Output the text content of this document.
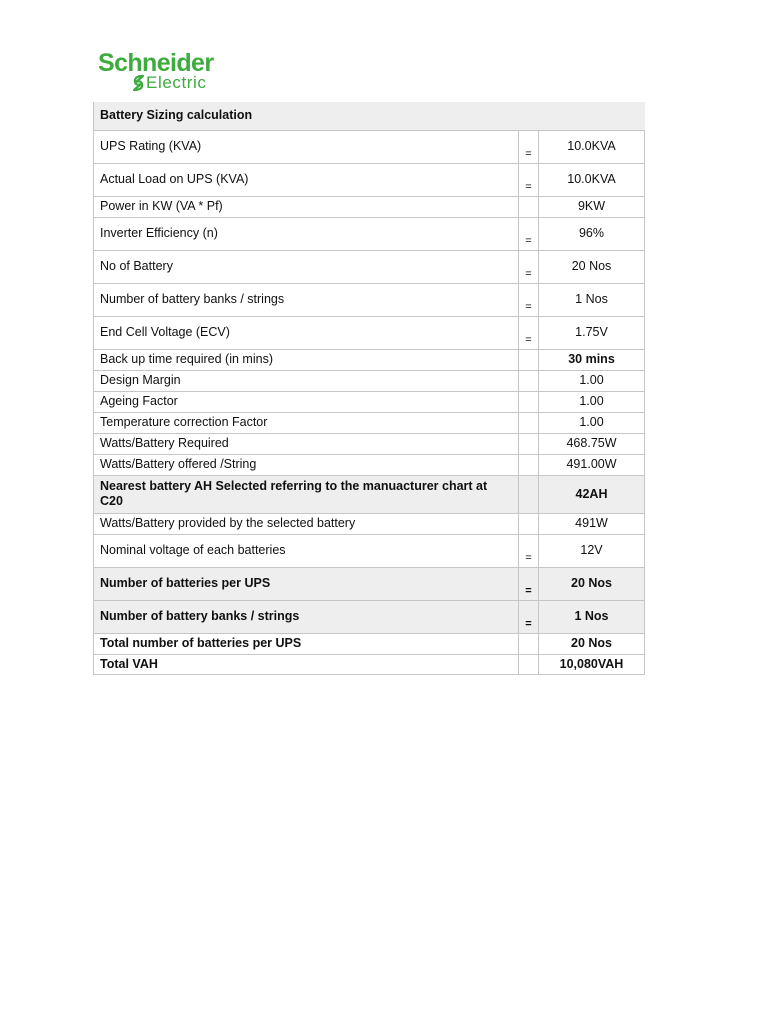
Schneider
Electric
Battery Sizing calculation		
UPS Rating (KVA)	=	10.0KVA
Actual Load on UPS (KVA)	=	10.0KVA
Power in KW (VA * Pf)		9KW
Inverter Efficiency (n)	=	96%
No of Battery	=	20 Nos
Number of battery banks / strings	=	1 Nos
End Cell Voltage (ECV)	=	1.75V
Back up time required (in mins)		30 mins
Design Margin		1.00
Ageing Factor		1.00
Temperature correction Factor		1.00
Watts/Battery Required		468.75W
Watts/Battery offered /String		491.00W
Nearest battery AH Selected referring to the manuacturer chart at C20		42AH
Watts/Battery provided by the selected battery		491W
Nominal voltage of each batteries	=	12V
Number of batteries per UPS	=	20 Nos
Number of battery banks / strings	=	1 Nos
Total number of batteries per UPS		20 Nos
Total VAH		10,080VAH
